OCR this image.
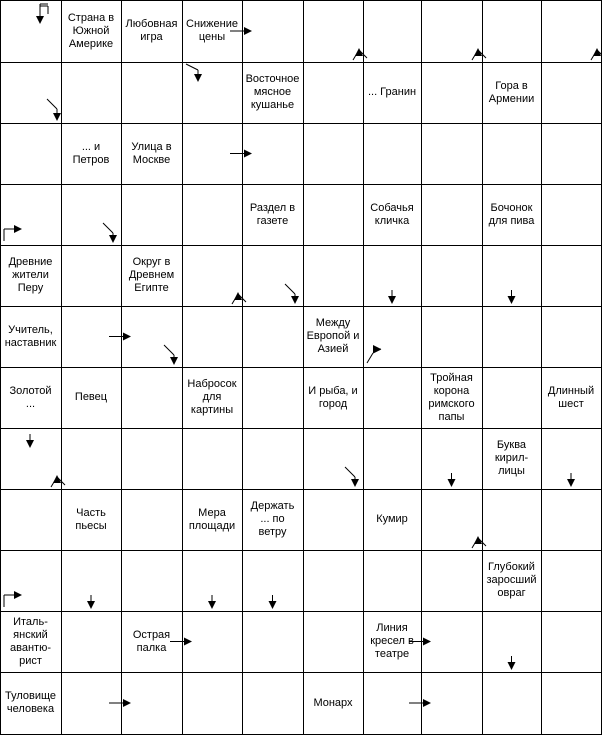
Страна в
Южной
Америке
Любовная
игра
Снижение
цены
Восточное
мясное
кушанье
... Гранин
Гора в
Армении
... и
Петров
Улица в
Москве
Раздел в
газете
Собачья
кличка
Бочонок
для пива
Древние
жители
Перу
Округ в
Древнем
Египте
Учитель,
наставник
Между
Европой и
Азией
Золотой
...
Певец
Набросок
для
картины
И рыба, и
город
Тройная
корона
римского
папы
Длинный
шест
Буква
кирил-
лицы
Часть
пьесы
Мера
площади
Держать
... по
ветру
Кумир
Глубокий
заросший
овраг
Италь-
янский
авантю-
рист
Острая
палка
Линия
кресел в
театре
Туловище
человека
Монарх
